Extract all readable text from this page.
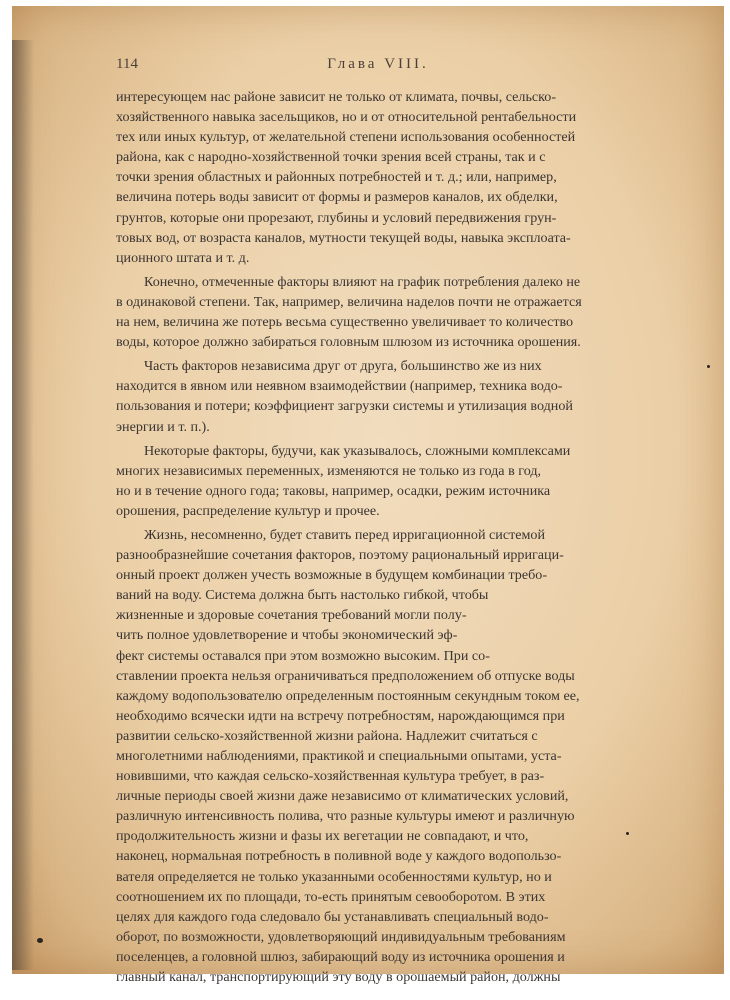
114	Глава VIII.
интересующем нас районе зависит не только от климата, почвы, сельско-
хозяйственного навыка засельщиков, но и от относительной рентабельности
тех или иных культур, от желательной степени использования особенностей
района, как с народно-хозяйственной точки зрения всей страны, так и с
точки зрения областных и районных потребностей и т. д.; или, например,
величина потерь воды зависит от формы и размеров каналов, их обделки,
грунтов, которые они прорезают, глубины и условий передвижения грун-
товых вод, от возраста каналов, мутности текущей воды, навыка эксплоата-
ционного штата и т. д.
Конечно, отмеченные факторы влияют на график потребления далеко не
в одинаковой степени. Так, например, величина наделов почти не отражается
на нем, величина же потерь весьма существенно увеличивает то количество
воды, которое должно забираться головным шлюзом из источника орошения.
Часть факторов независима друг от друга, большинство же из них
находится в явном или неявном взаимодействии (например, техника водо-
пользования и потери; коэффициент загрузки системы и утилизация водной
энергии и т. п.).
Некоторые факторы, будучи, как указывалось, сложными комплексами
многих независимых переменных, изменяются не только из года в год,
но и в течение одного года; таковы, например, осадки, режим источника
орошения, распределение культур и прочее.
Жизнь, несомненно, будет ставить перед ирригационной системой
разнообразнейшие сочетания факторов, поэтому рациональный ирригаци-
онный проект должен учесть возможные в будущем комбинации требо-
ваний на воду. Система должна быть настолько гибкой, чтобы
жизненные и здоровые сочетания требований могли полу-
чить полное удовлетворение и чтобы экономический эф-
фект системы оставался при этом возможно высоким. При со-
ставлении проекта нельзя ограничиваться предположением об отпуске воды
каждому водопользователю определенным постоянным секундным током ее,
необходимо всячески идти на встречу потребностям, нарождающимся при
развитии сельско-хозяйственной жизни района. Надлежит считаться с
многолетними наблюдениями, практикой и специальными опытами, уста-
новившими, что каждая сельско-хозяйственная культура требует, в раз-
личные периоды своей жизни даже независимо от климатических условий,
различную интенсивность полива, что разные культуры имеют и различную
продолжительность жизни и фазы их вегетации не совпадают, и что,
наконец, нормальная потребность в поливной воде у каждого водопользо-
вателя определяется не только указанными особенностями культур, но и
соотношением их по площади, то-есть принятым севооборотом. В этих
целях для каждого года следовало бы устанавливать специальный водо-
оборот, по возможности, удовлетворяющий индивидуальным требованиям
поселенцев, а головной шлюз, забирающий воду из источника орошения и
главный канал, транспортирующий эту воду в орошаемый район, должны
